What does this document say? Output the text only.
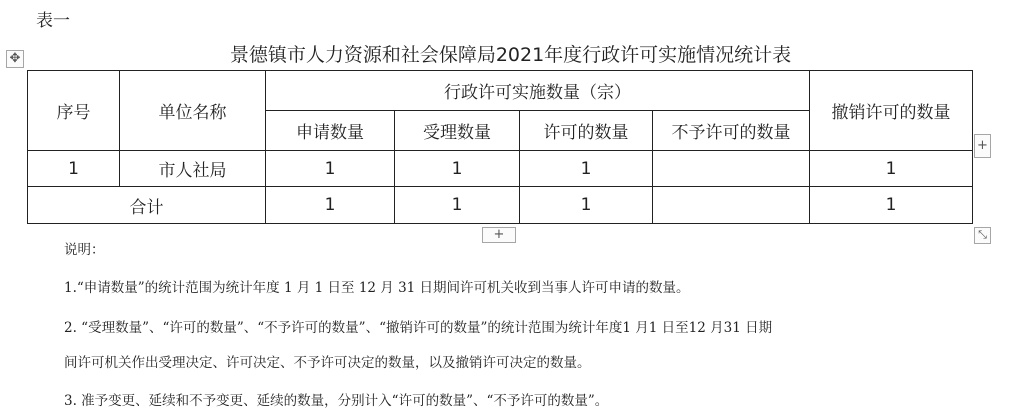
表一
✥	景德镇市人力资源和社会保障局2021年度行政许可实施情况统计表
序号	单位名称	行政许可实施数量（宗）				撤销许可的数量
		申请数量	受理数量	许可的数量	不予许可的数量	
1	市人社局	1	1	1		1
合计		1	1	1		1
+
+	⤡
说明：
1.“申请数量”的统计范围为统计年度 1 月 1 日至 12 月 31 日期间许可机关收到当事人许可申请的数量。
2. “受理数量”、“许可的数量”、“不予许可的数量”、“撤销许可的数量”的统计范围为统计年度1 月1 日至12 月31 日期
间许可机关作出受理决定、许可决定、不予许可决定的数量，以及撤销许可决定的数量。
3. 准予变更、延续和不予变更、延续的数量，分别计入“许可的数量”、“不予许可的数量”。
